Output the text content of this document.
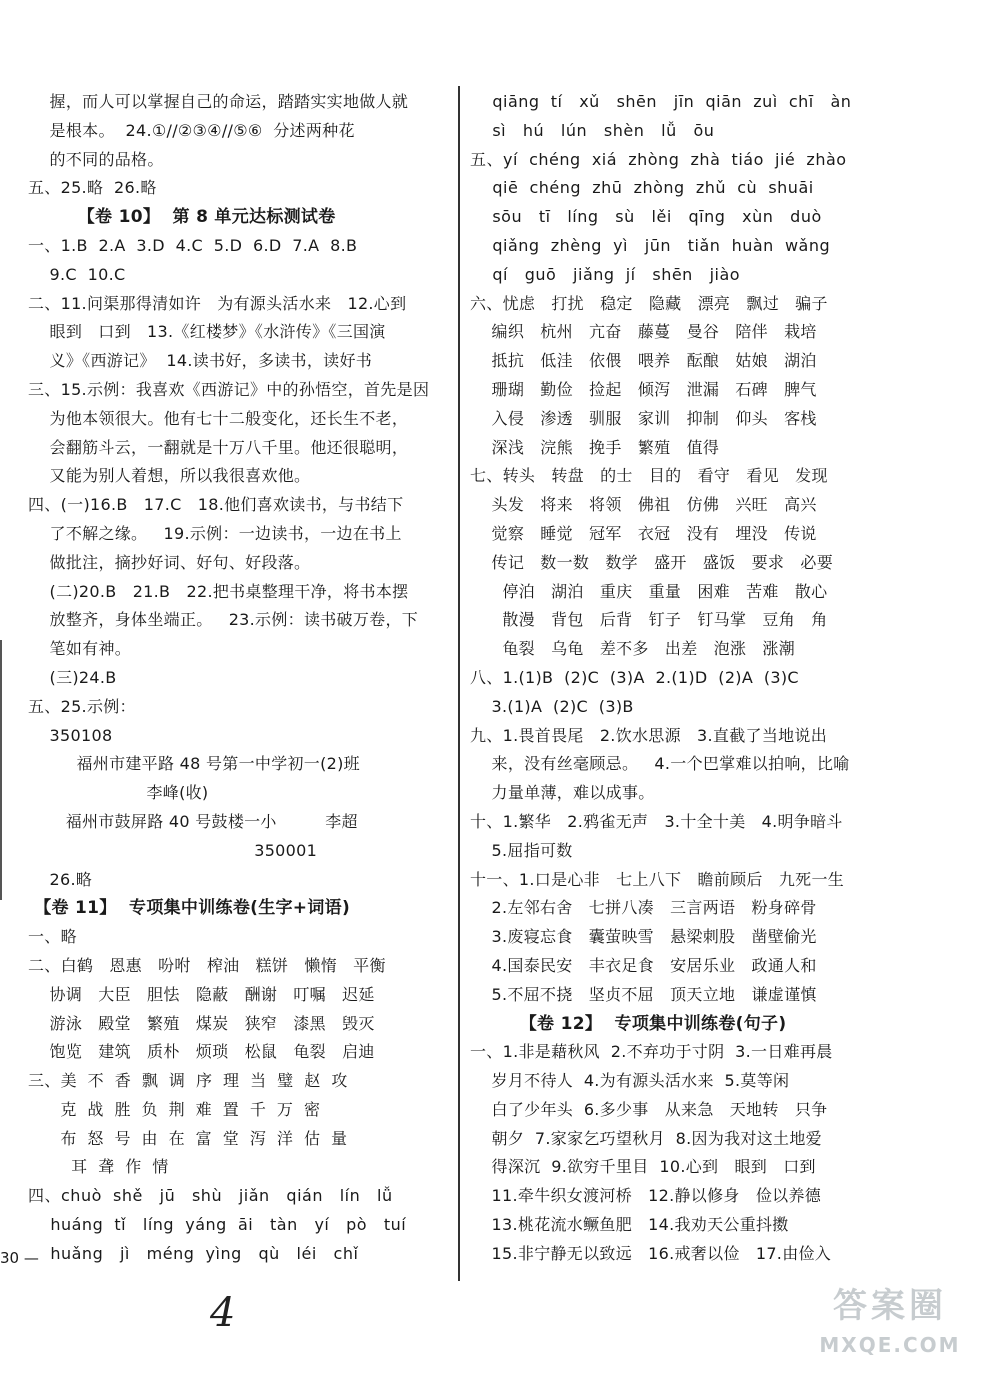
握，而人可以掌握自己的命运，踏踏实实地做人就
是根本。  24.①//②③④//⑤⑥  分述两种花
的不同的品格。
五、25.略  26.略
【卷 10】  第 8 单元达标测试卷
一、1.B  2.A  3.D  4.C  5.D  6.D  7.A  8.B
9.C  10.C
二、11.问渠那得清如许   为有源头活水来   12.心到
眼到   口到   13.《红楼梦》《水浒传》《三国演
义》《西游记》  14.读书好，多读书，读好书
三、15.示例：我喜欢《西游记》中的孙悟空，首先是因
为他本领很大。他有七十二般变化，还长生不老，
会翻筋斗云，一翻就是十万八千里。他还很聪明，
又能为别人着想，所以我很喜欢他。
四、(一)16.B   17.C   18.他们喜欢读书，与书结下
了不解之缘。   19.示例：一边读书，一边在书上
做批注，摘抄好词、好句、好段落。
(二)20.B   21.B   22.把书桌整理干净，将书本摆
放整齐，身体坐端正。   23.示例：读书破万卷，下
笔如有神。
(三)24.B
五、25.示例：
350108
福州市建平路 48 号第一中学初一(2)班
李峰(收)
福州市鼓屏路 40 号鼓楼一小         李超
350001
26.略
【卷 11】  专项集中训练卷(生字+词语)
一、略
二、白鹤   恩惠   吩咐   榨油   糕饼   懒惰   平衡
协调   大臣   胆怯   隐蔽   酬谢   叮嘱   迟延
游泳   殿堂   繁殖   煤炭   狭窄   漆黑   毁灭
饱览   建筑   质朴   烦琐   松鼠   龟裂   启迪
三、美  不  香  飘  调  序  理  当  璧  赵  攻
克  战  胜  负  荆  难  置  千  万  密
布  怒  号  由  在  富  堂  泻  洋  估  量
耳  聋  作  情
四、chuò  shě   jū   shù   jiǎn   qián   lín   lǚ
huáng  tǐ   líng  yáng  āi   tàn   yí   pò   tuí
huǎng   jì   méng  yìng   qù   léi   chǐ
qiāng  tí   xǔ   shēn   jīn  qiān  zuì  chī   àn
sì   hú   lún   shèn   lǚ   ōu
五、yí  chéng  xiá  zhòng  zhà  tiáo  jié  zhào
qiē  chéng  zhū  zhòng  zhǔ  cù  shuāi
sōu   tī   líng   sù   lěi   qīng   xùn   duò
qiǎng  zhèng  yì   jūn   tiǎn  huàn  wǎng
qí   guō   jiǎng  jí   shēn   jiào
六、忧虑   打扰   稳定   隐藏   漂亮   飘过   骗子
编织   杭州   亢奋   藤蔓   曼谷   陪伴   栽培
抵抗   低洼   依偎   喂养   酝酿   姑娘   湖泊
珊瑚   勤俭   捡起   倾泻   泄漏   石碑   脾气
入侵   渗透   驯服   家训   抑制   仰头   客栈
深浅   浣熊   挽手   繁殖   值得
七、转头   转盘   的士   目的   看守   看见   发现
头发   将来   将领   佛祖   仿佛   兴旺   高兴
觉察   睡觉   冠军   衣冠   没有   埋没   传说
传记   数一数   数学   盛开   盛饭   要求   必要
停泊   湖泊   重庆   重量   困难   苦难   散心
散漫   背包   后背   钉子   钉马掌   豆角   角
龟裂   乌龟   差不多   出差   泡涨   涨潮
八、1.(1)B  (2)C  (3)A  2.(1)D  (2)A  (3)C
3.(1)A  (2)C  (3)B
九、1.畏首畏尾   2.饮水思源   3.直截了当地说出
来，没有丝毫顾忌。   4.一个巴掌难以拍响，比喻
力量单薄，难以成事。
十、1.繁华   2.鸦雀无声   3.十全十美   4.明争暗斗
5.屈指可数
十一、1.口是心非   七上八下   瞻前顾后   九死一生
2.左邻右舍   七拼八凑   三言两语   粉身碎骨
3.废寝忘食   囊萤映雪   悬梁刺股   凿壁偷光
4.国泰民安   丰衣足食   安居乐业   政通人和
5.不屈不挠   坚贞不屈   顶天立地   谦虚谨慎
【卷 12】  专项集中训练卷(句子)
一、1.非是藉秋风  2.不弃功于寸阴  3.一日难再晨
岁月不待人  4.为有源头活水来  5.莫等闲
白了少年头  6.多少事   从来急   天地转   只争
朝夕  7.家家乞巧望秋月  8.因为我对这土地爱
得深沉  9.欲穷千里目  10.心到   眼到   口到
11.牵牛织女渡河桥   12.静以修身   俭以养德
13.桃花流水鳜鱼肥   14.我劝天公重抖擞
15.非宁静无以致远   16.戒奢以俭   17.由俭入
30 —
4	答案圈
MXQE.COM
